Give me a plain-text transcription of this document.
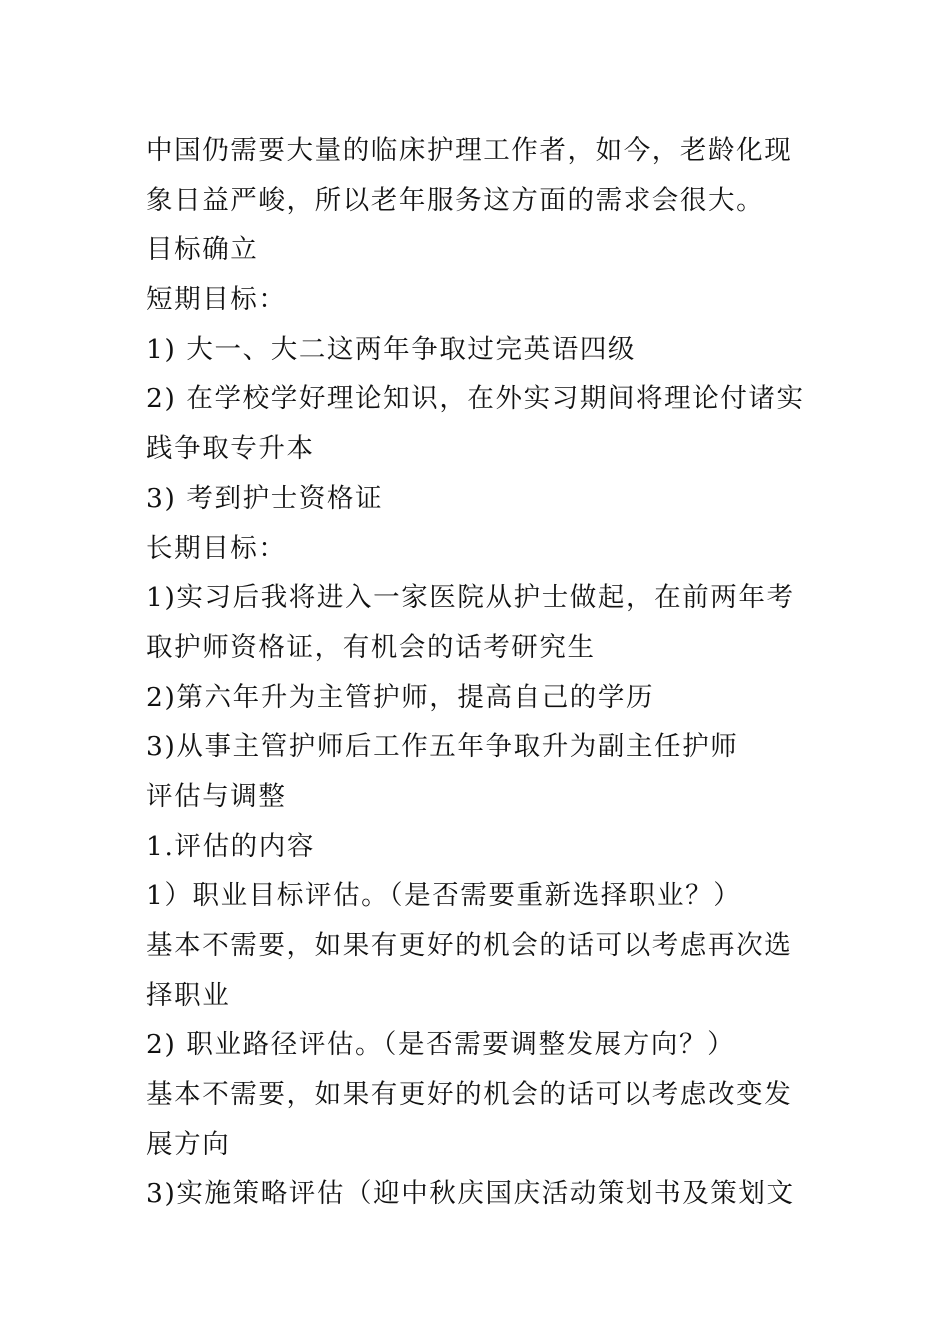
中国仍需要大量的临床护理工作者，如今，老龄化现
象日益严峻，所以老年服务这方面的需求会很大。
目标确立
短期目标：
1) 大一、大二这两年争取过完英语四级
2) 在学校学好理论知识，在外实习期间将理论付诸实
践争取专升本
3) 考到护士资格证
长期目标：
1)实习后我将进入一家医院从护士做起，在前两年考
取护师资格证，有机会的话考研究生
2)第六年升为主管护师，提高自己的学历
3)从事主管护师后工作五年争取升为副主任护师
评估与调整
1.评估的内容
1）职业目标评估。（是否需要重新选择职业？）
基本不需要，如果有更好的机会的话可以考虑再次选
择职业
2) 职业路径评估。（是否需要调整发展方向？）
基本不需要，如果有更好的机会的话可以考虑改变发
展方向
3)实施策略评估（迎中秋庆国庆活动策划书及策划文
